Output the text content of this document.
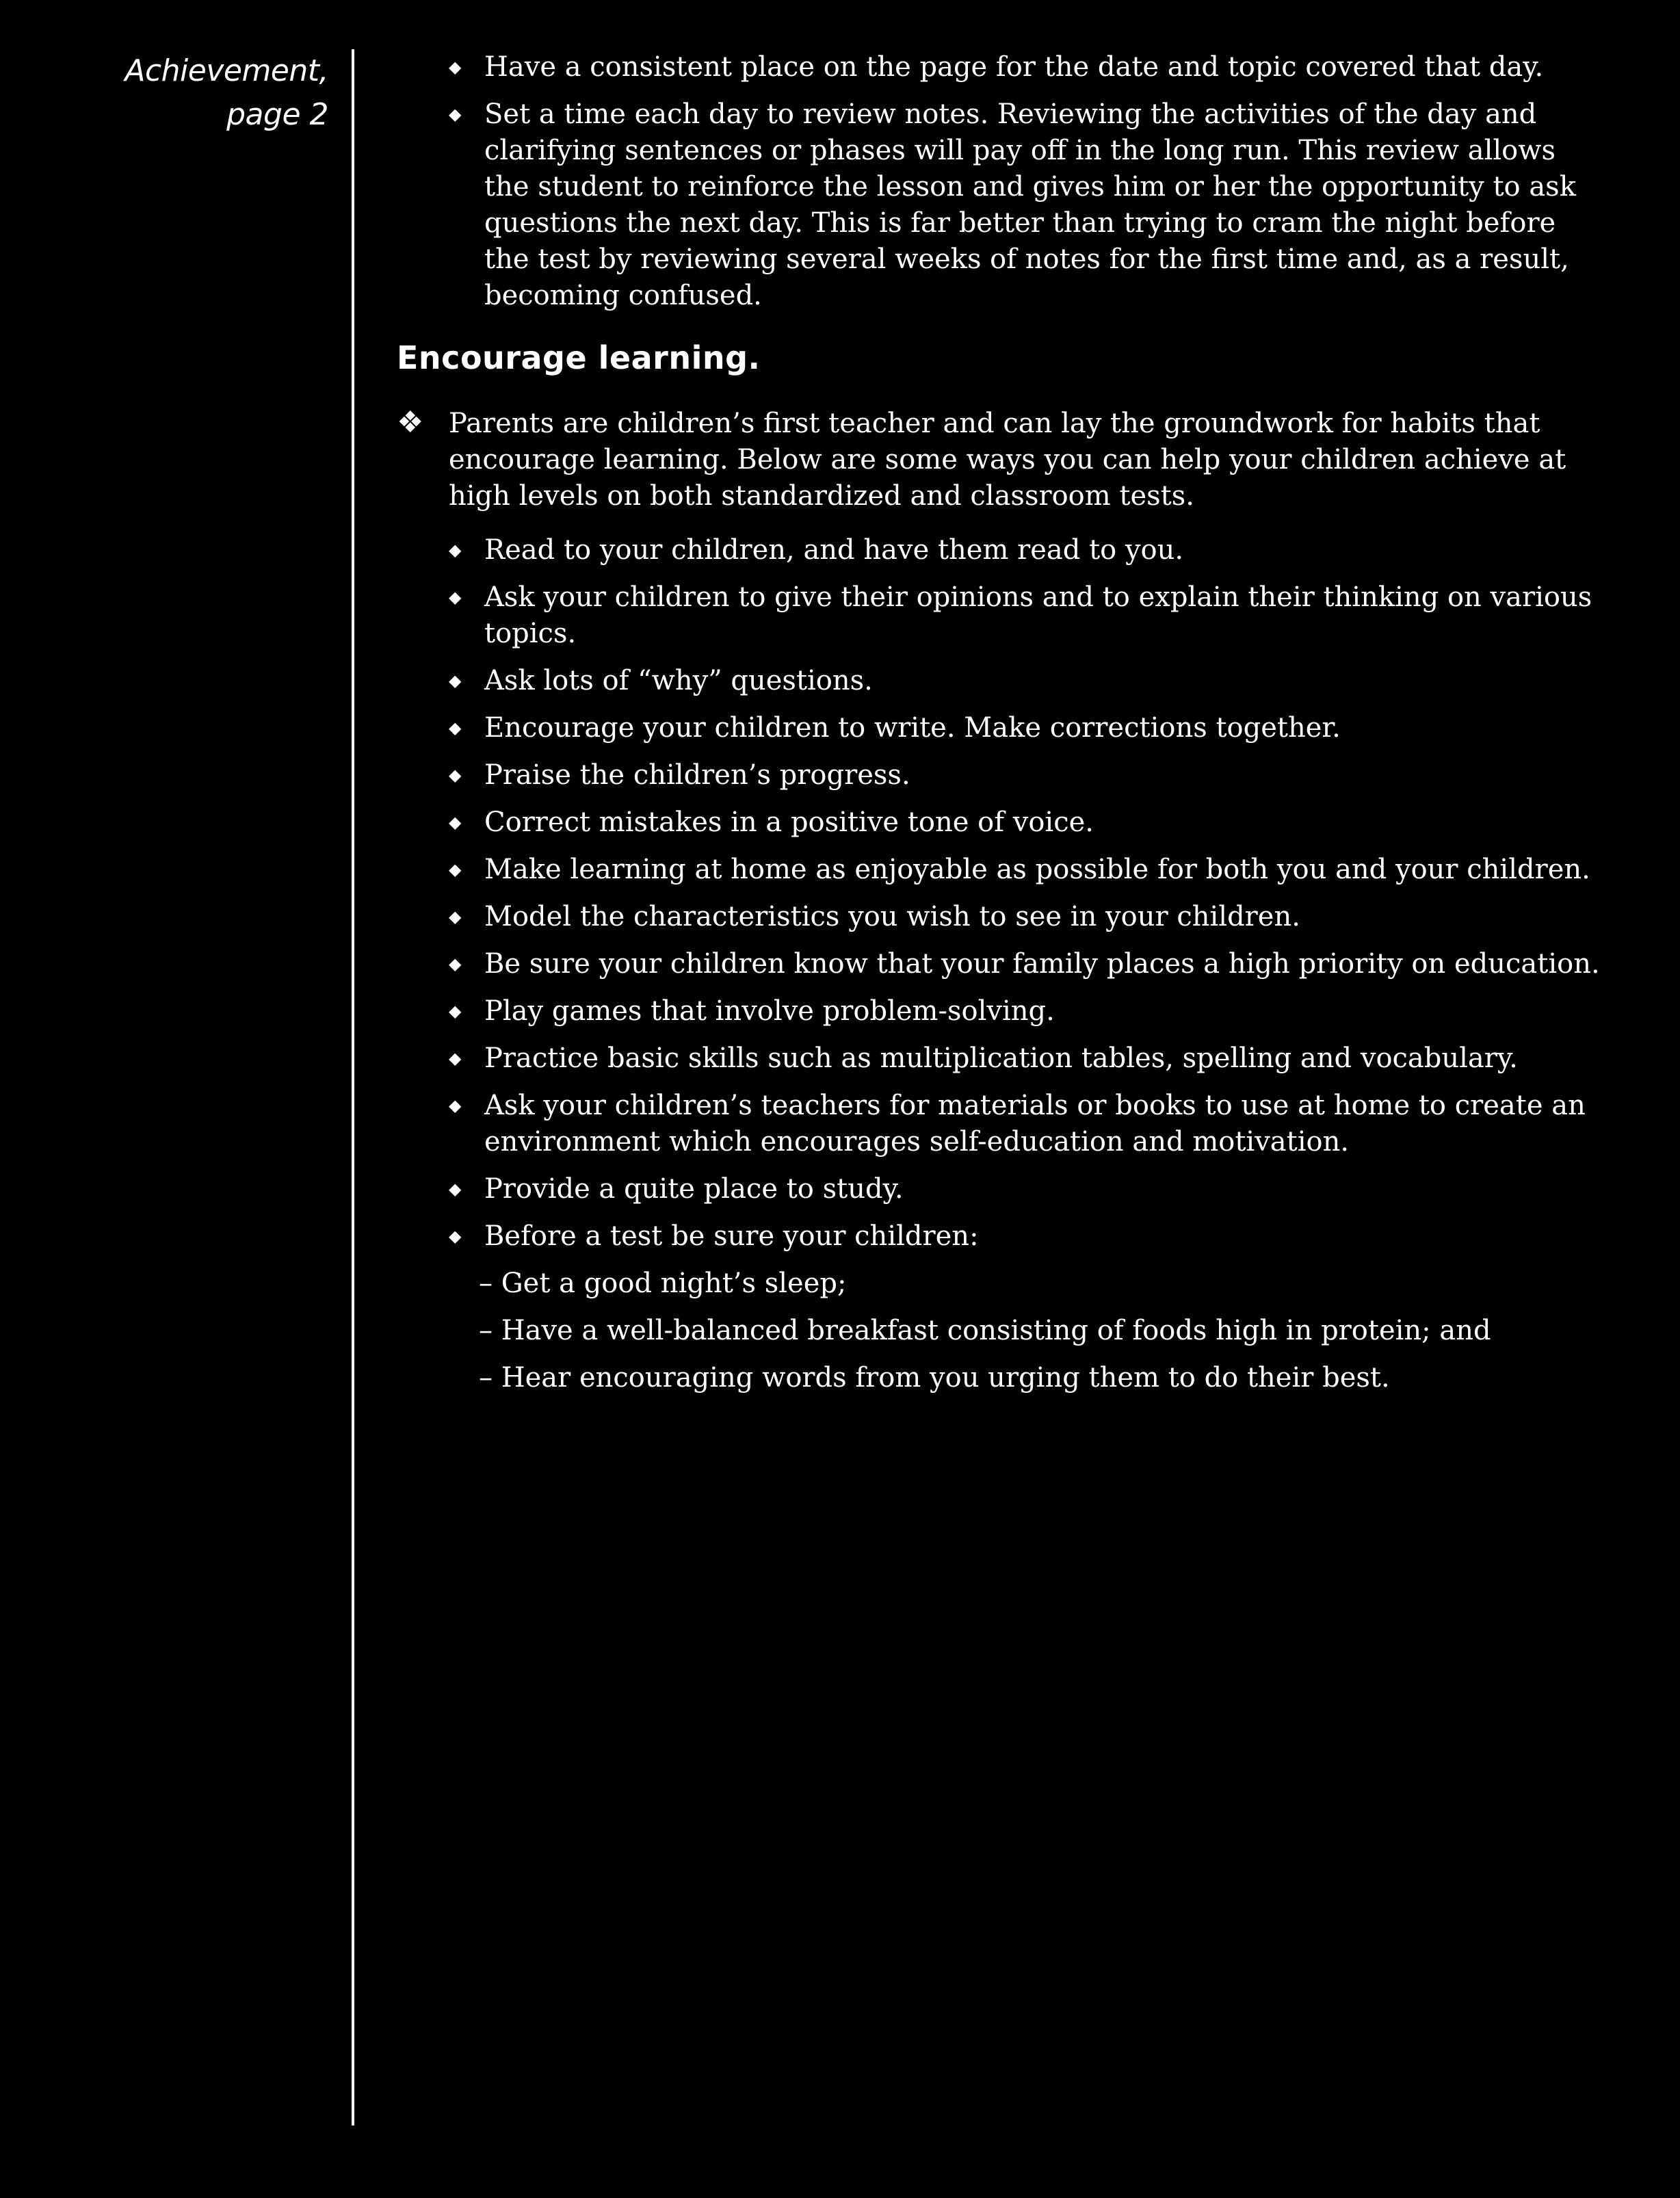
Achievement,
page 2
◆ Have a consistent place on the page for the date and topic covered that day.
◆ Set a time each day to review notes. Reviewing the activities of the day and clarifying sentences or phases will pay off in the long run. This review allows the student to reinforce the lesson and gives him or her the opportunity to ask questions the next day. This is far better than trying to cram the night before the test by reviewing several weeks of notes for the first time and, as a result, becoming confused.
Encourage learning.
❖ Parents are children’s first teacher and can lay the groundwork for habits that encourage learning. Below are some ways you can help your children achieve at high levels on both standardized and classroom tests.
◆ Read to your children, and have them read to you.
◆ Ask your children to give their opinions and to explain their thinking on various topics.
◆ Ask lots of “why” questions.
◆ Encourage your children to write. Make corrections together.
◆ Praise the children’s progress.
◆ Correct mistakes in a positive tone of voice.
◆ Make learning at home as enjoyable as possible for both you and your children.
◆ Model the characteristics you wish to see in your children.
◆ Be sure your children know that your family places a high priority on education.
◆ Play games that involve problem-solving.
◆ Practice basic skills such as multiplication tables, spelling and vocabulary.
◆ Ask your children’s teachers for materials or books to use at home to create an environment which encourages self-education and motivation.
◆ Provide a quite place to study.
◆ Before a test be sure your children:
– Get a good night’s sleep;
– Have a well-balanced breakfast consisting of foods high in protein; and
– Hear encouraging words from you urging them to do their best.
